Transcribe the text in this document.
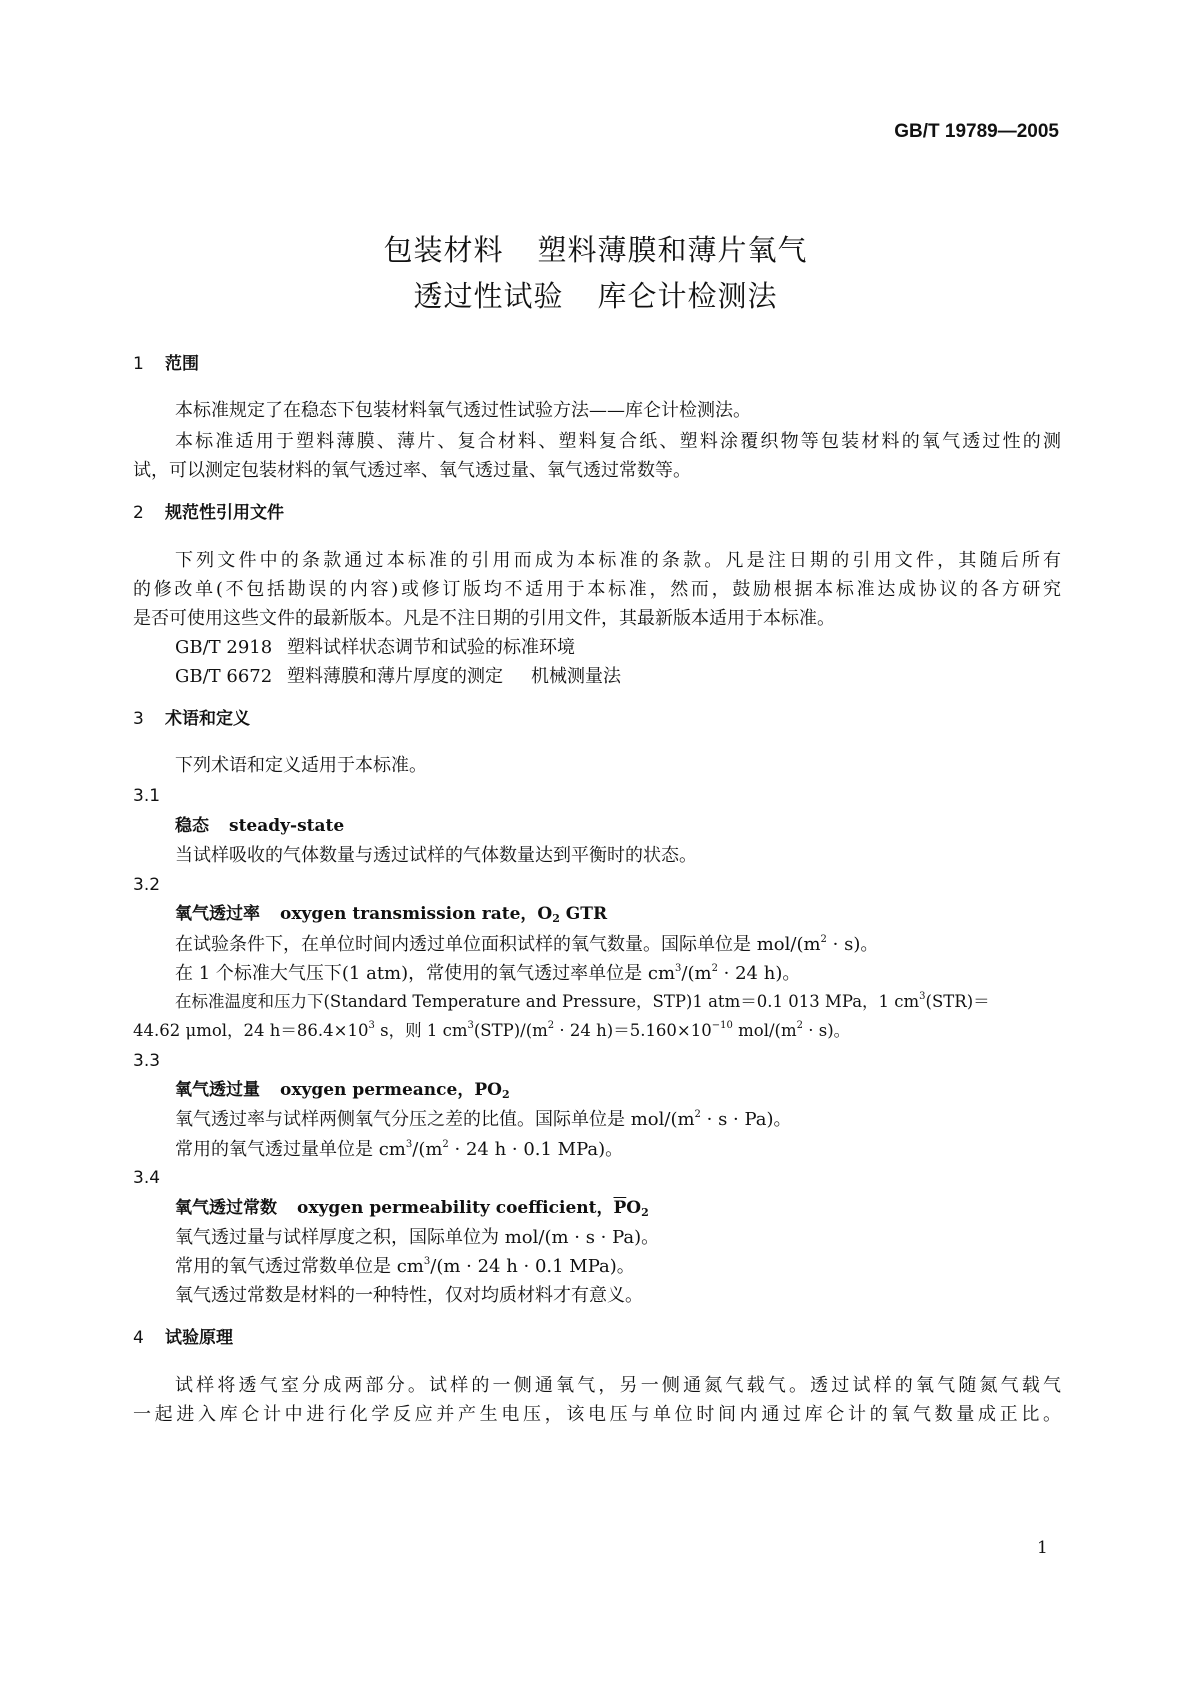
GB/T 19789—2005
包装材料 塑料薄膜和薄片氧气
透过性试验 库仑计检测法
1 范围
本标准规定了在稳态下包装材料氧气透过性试验方法——库仑计检测法。
本标准适用于塑料薄膜、薄片、复合材料、塑料复合纸、塑料涂覆织物等包装材料的氧气透过性的测
试，可以测定包装材料的氧气透过率、氧气透过量、氧气透过常数等。
2 规范性引用文件
下列文件中的条款通过本标准的引用而成为本标准的条款。凡是注日期的引用文件，其随后所有
的修改单(不包括勘误的内容)或修订版均不适用于本标准，然而，鼓励根据本标准达成协议的各方研究
是否可使用这些文件的最新版本。凡是不注日期的引用文件，其最新版本适用于本标准。
GB/T 2918 塑料试样状态调节和试验的标准环境
GB/T 6672 塑料薄膜和薄片厚度的测定 机械测量法
3 术语和定义
下列术语和定义适用于本标准。
3.1
稳态 steady-state
当试样吸收的气体数量与透过试样的气体数量达到平衡时的状态。
3.2
氧气透过率 oxygen transmission rate，$O_2$ GTR
在试验条件下，在单位时间内透过单位面积试样的氧气数量。国际单位是 mol/$(m^2 \cdot s)$。
在 1 个标准大气压下(1 atm)，常使用的氧气透过率单位是 $cm^3/(m^2 \cdot 24$ h)。
在标准温度和压力下(Standard Temperature and Pressure，STP)1 atm＝0.1 013 MPa，1 $cm^3(STR)=$
44.62 μmol，24 $h=86.4\times 10^3$ s，则 1 $cm^3(STP)/(m^2 \cdot 24$ $h)=5.160\times 10^{-10}$ mol/$(m^2 \cdot s)$。
3.3
氧气透过量 oxygen permeance，$PO_2$
氧气透过率与试样两侧氧气分压之差的比值。国际单位是 mol/$(m^2 \cdot s \cdot Pa)$。
常用的氧气透过量单位是 $cm^3/(m^2 \cdot 24$ h · 0.1 MPa)。
3.4
氧气透过常数 oxygen permeability coefficient，$\overline{P}O_2$
氧气透过量与试样厚度之积，国际单位为 mol/(m · s · Pa)。
常用的氧气透过常数单位是 $cm^3/(m \cdot 24$ h · 0.1 MPa)。
氧气透过常数是材料的一种特性，仅对均质材料才有意义。
4 试验原理
试样将透气室分成两部分。试样的一侧通氧气，另一侧通氮气载气。透过试样的氧气随氮气载气
一起进入库仑计中进行化学反应并产生电压，该电压与单位时间内通过库仑计的氧气数量成正比。
1
